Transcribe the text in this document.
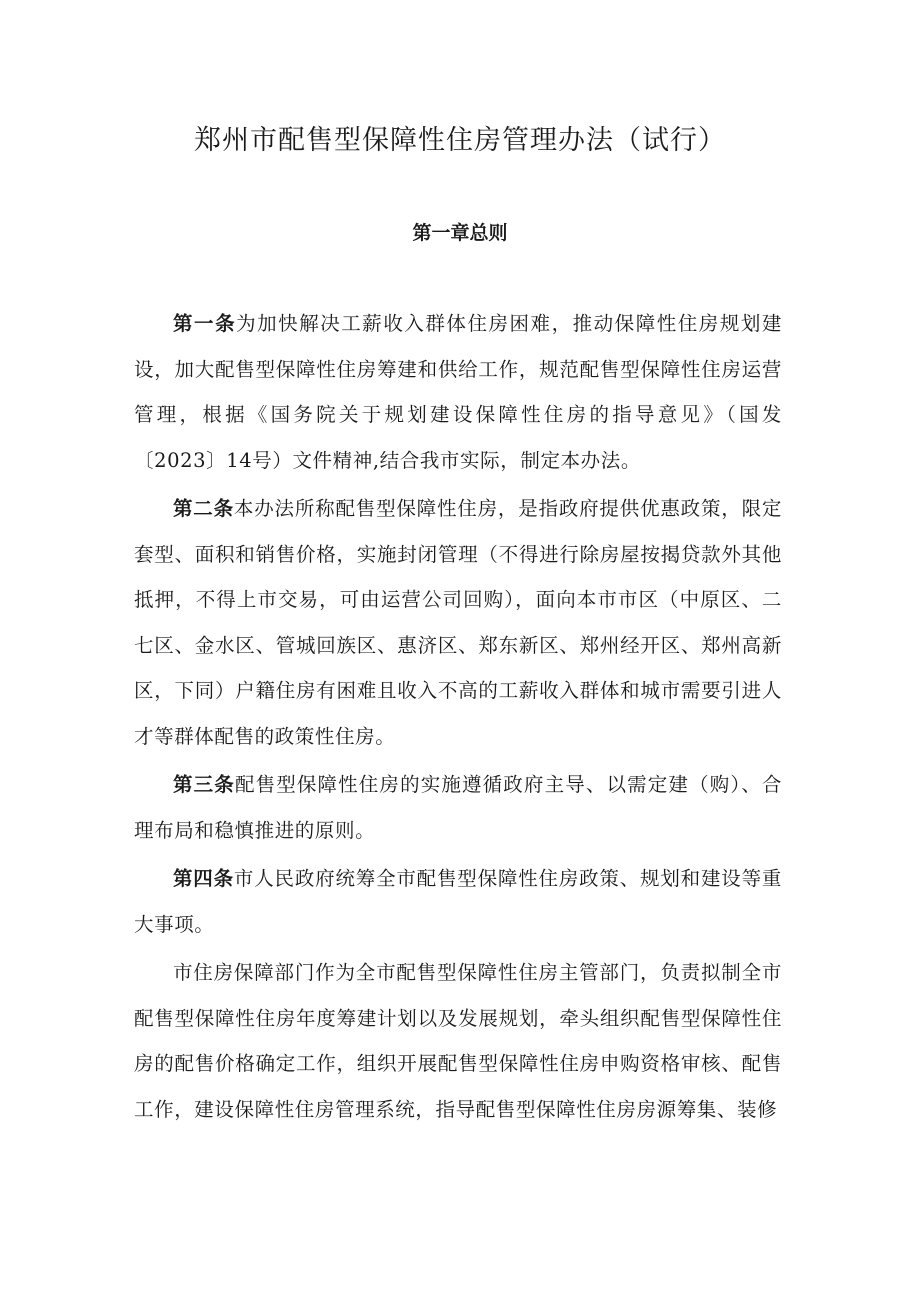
郑州市配售型保障性住房管理办法（试行）
第一章总则

第一条为加快解决工薪收入群体住房困难，推动保障性住房规划建设，加大配售型保障性住房筹建和供给工作，规范配售型保障性住房运营管理，根据《国务院关于规划建设保障性住房的指导意见》（国发〔2023〕14号）文件精神,结合我市实际，制定本办法。

第二条本办法所称配售型保障性住房，是指政府提供优惠政策，限定套型、面积和销售价格，实施封闭管理（不得进行除房屋按揭贷款外其他抵押，不得上市交易，可由运营公司回购），面向本市市区（中原区、二七区、金水区、管城回族区、惠济区、郑东新区、郑州经开区、郑州高新区，下同）户籍住房有困难且收入不高的工薪收入群体和城市需要引进人才等群体配售的政策性住房。

第三条配售型保障性住房的实施遵循政府主导、以需定建（购）、合理布局和稳慎推进的原则。

第四条市人民政府统筹全市配售型保障性住房政策、规划和建设等重大事项。

市住房保障部门作为全市配售型保障性住房主管部门，负责拟制全市配售型保障性住房年度筹建计划以及发展规划，牵头组织配售型保障性住房的配售价格确定工作，组织开展配售型保障性住房申购资格审核、配售工作，建设保障性住房管理系统，指导配售型保障性住房房源筹集、装修
